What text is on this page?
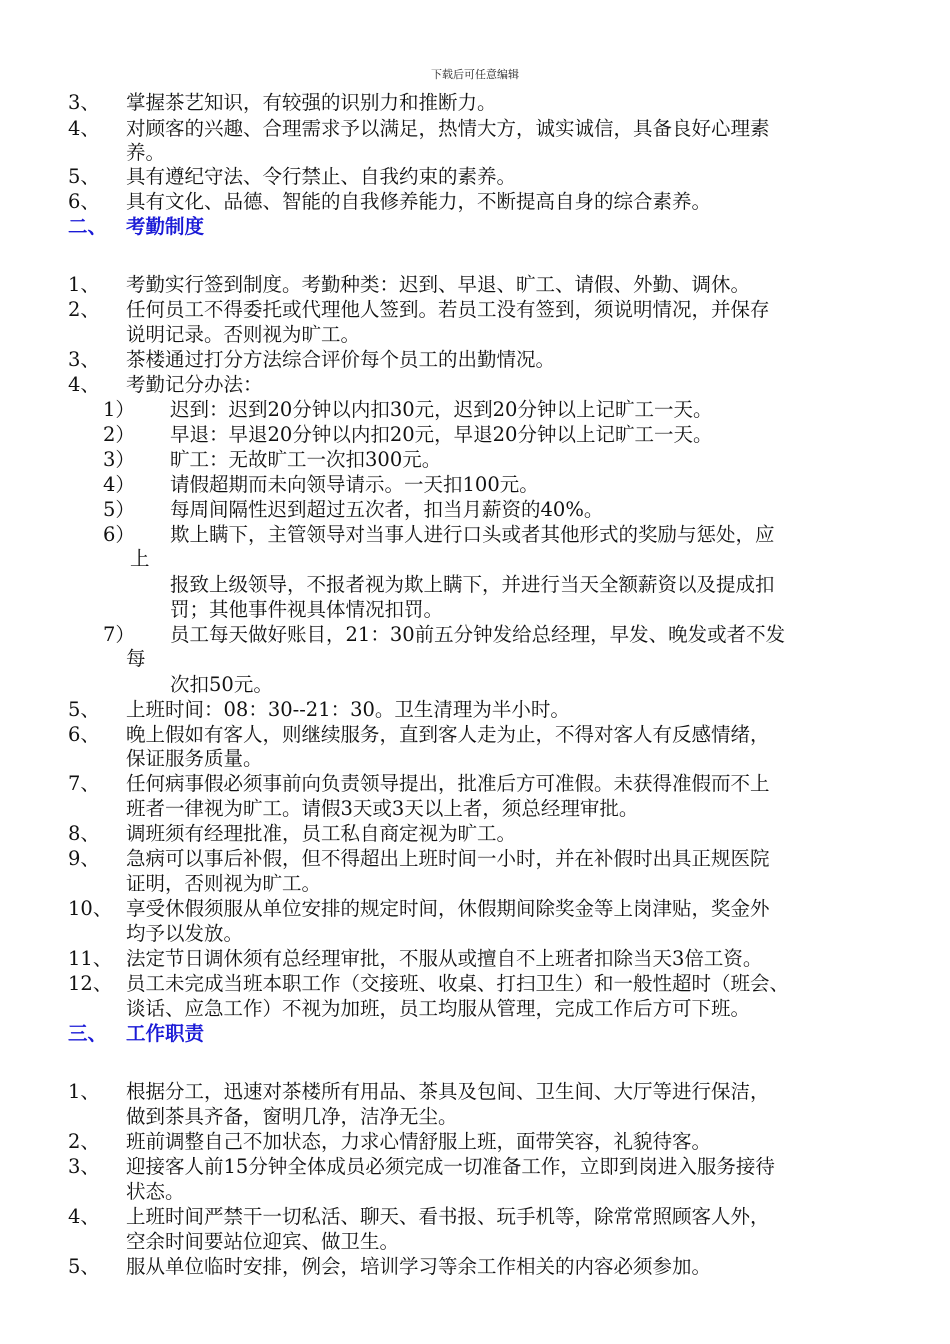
下载后可任意编辑
3、 掌握茶艺知识，有较强的识别力和推断力。
4、 对顾客的兴趣、合理需求予以满足，热情大方，诚实诚信，具备良好心理素
养。
5、 具有遵纪守法、令行禁止、自我约束的素养。
6、 具有文化、品德、智能的自我修养能力，不断提高自身的综合素养。
二、 考勤制度
1、 考勤实行签到制度。考勤种类：迟到、早退、旷工、请假、外勤、调休。
2、 任何员工不得委托或代理他人签到。若员工没有签到，须说明情况，并保存
说明记录。否则视为旷工。
3、 茶楼通过打分方法综合评价每个员工的出勤情况。
4、 考勤记分办法：
1） 迟到：迟到20分钟以内扣30元，迟到20分钟以上记旷工一天。
2） 早退：早退20分钟以内扣20元，早退20分钟以上记旷工一天。
3） 旷工：无故旷工一次扣300元。
4） 请假超期而未向领导请示。一天扣100元。
5） 每周间隔性迟到超过五次者，扣当月薪资的40%。
6） 欺上瞒下，主管领导对当事人进行口头或者其他形式的奖励与惩处，应
上
报致上级领导，不报者视为欺上瞒下，并进行当天全额薪资以及提成扣
罚；其他事件视具体情况扣罚。
7） 员工每天做好账目，21：30前五分钟发给总经理，早发、晚发或者不发
每
次扣50元。
5、 上班时间：08：30--21：30。卫生清理为半小时。
6、 晚上假如有客人，则继续服务，直到客人走为止，不得对客人有反感情绪，
保证服务质量。
7、 任何病事假必须事前向负责领导提出，批准后方可准假。未获得准假而不上
班者一律视为旷工。请假3天或3天以上者，须总经理审批。
8、 调班须有经理批准，员工私自商定视为旷工。
9、 急病可以事后补假，但不得超出上班时间一小时，并在补假时出具正规医院
证明，否则视为旷工。
10、 享受休假须服从单位安排的规定时间，休假期间除奖金等上岗津贴，奖金外
均予以发放。
11、 法定节日调休须有总经理审批，不服从或擅自不上班者扣除当天3倍工资。
12、 员工未完成当班本职工作（交接班、收桌、打扫卫生）和一般性超时（班会、
谈话、应急工作）不视为加班，员工均服从管理，完成工作后方可下班。
三、 工作职责
1、 根据分工，迅速对茶楼所有用品、茶具及包间、卫生间、大厅等进行保洁，
做到茶具齐备，窗明几净，洁净无尘。
2、 班前调整自己不加状态，力求心情舒服上班，面带笑容，礼貌待客。
3、 迎接客人前15分钟全体成员必须完成一切准备工作，立即到岗进入服务接待
状态。
4、 上班时间严禁干一切私活、聊天、看书报、玩手机等，除常常照顾客人外，
空余时间要站位迎宾、做卫生。
5、 服从单位临时安排，例会，培训学习等余工作相关的内容必须参加。
